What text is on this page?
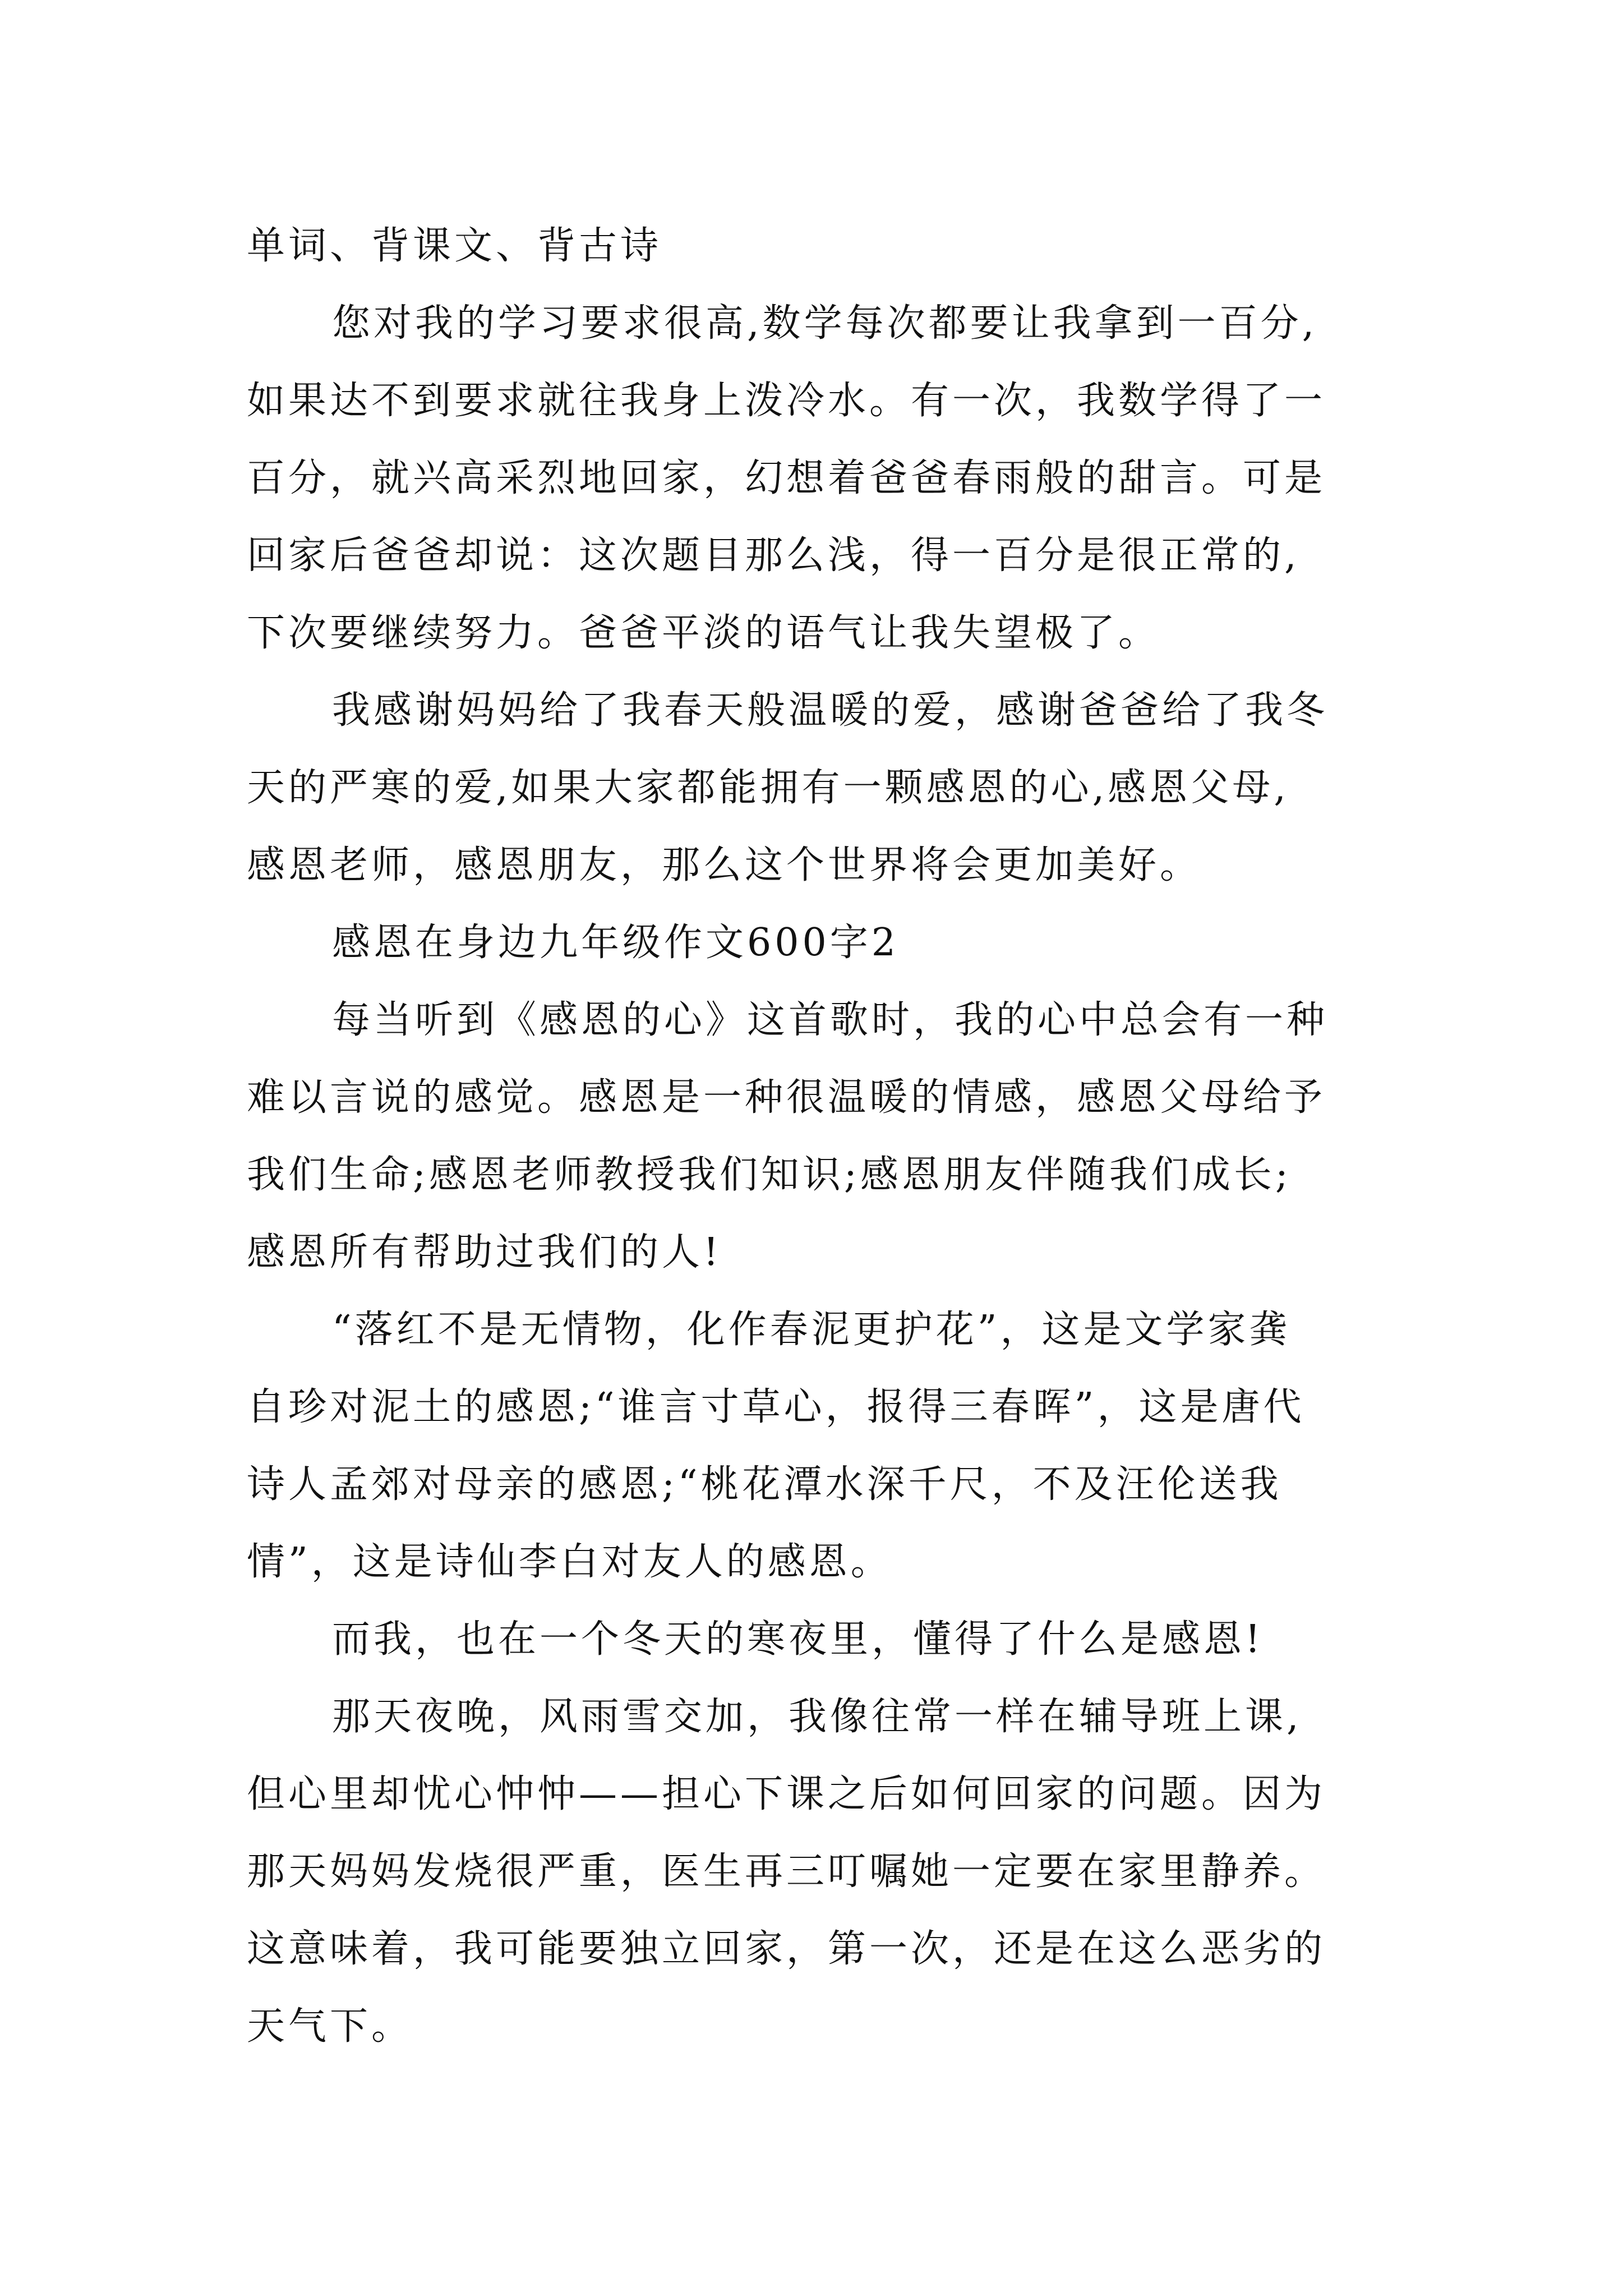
单词、背课文、背古诗
您对我的学习要求很高,数学每次都要让我拿到一百分,
如果达不到要求就往我身上泼冷水。有一次，我数学得了一
百分，就兴高采烈地回家，幻想着爸爸春雨般的甜言。可是
回家后爸爸却说：这次题目那么浅，得一百分是很正常的,
下次要继续努力。爸爸平淡的语气让我失望极了。
我感谢妈妈给了我春天般温暖的爱，感谢爸爸给了我冬
天的严寒的爱,如果大家都能拥有一颗感恩的心,感恩父母,
感恩老师，感恩朋友，那么这个世界将会更加美好。
感恩在身边九年级作文600字2
每当听到《感恩的心》这首歌时，我的心中总会有一种
难以言说的感觉。感恩是一种很温暖的情感，感恩父母给予
我们生命;感恩老师教授我们知识;感恩朋友伴随我们成长;
感恩所有帮助过我们的人!
“落红不是无情物，化作春泥更护花”，这是文学家龚
自珍对泥土的感恩;“谁言寸草心，报得三春晖”，这是唐代
诗人孟郊对母亲的感恩;“桃花潭水深千尺，不及汪伦送我
情”，这是诗仙李白对友人的感恩。
而我，也在一个冬天的寒夜里，懂得了什么是感恩!
那天夜晚，风雨雪交加，我像往常一样在辅导班上课,
但心里却忧心忡忡——担心下课之后如何回家的问题。因为
那天妈妈发烧很严重，医生再三叮嘱她一定要在家里静养。
这意味着，我可能要独立回家，第一次，还是在这么恶劣的
天气下。
